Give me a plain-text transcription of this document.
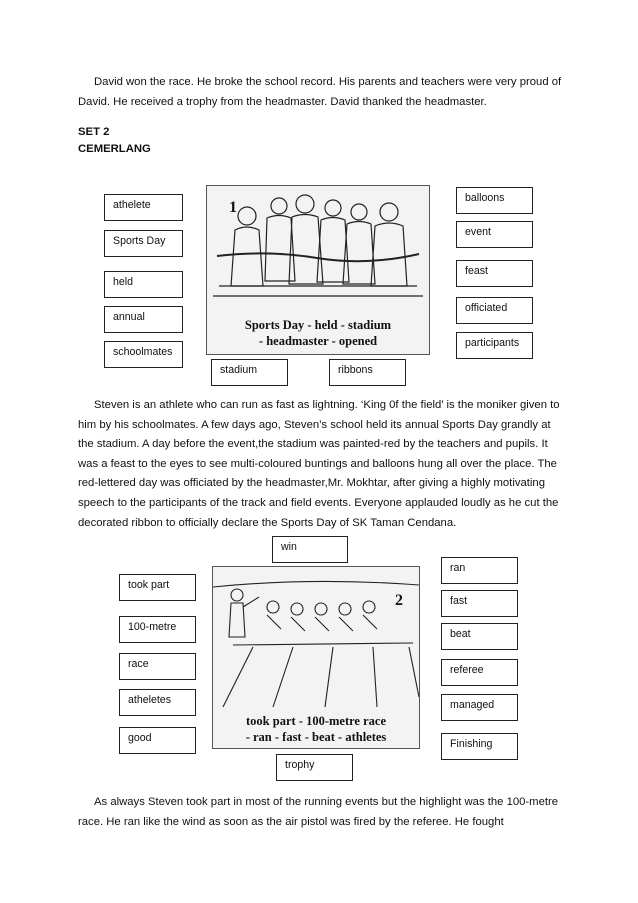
David won the race. He broke the school record. His parents and teachers were very proud of David. He received a trophy from the headmaster. David thanked the headmaster.

SET 2
CEMERLANG
1
Sports Day - held - stadium
- headmaster - opened
athelete
Sports Day
held
annual
schoolmates
balloons
event
feast
officiated
participants
stadium	ribbons

Steven is an athlete who can run as fast as lightning. ‘King 0f the field’ is the moniker given to him by his schoolmates. A few days ago, Steven’s school held its annual Sports Day grandly at the stadium. A day before the event,the stadium was painted-red by the teachers and pupils. It was a feast to the eyes to see multi-coloured buntings and balloons hung all over the place. The red-lettered day was officiated by the headmaster,Mr. Mokhtar, after giving a highly motivating speech to the participants of the track and field events. Everyone applauded loudly as he cut the decorated ribbon to officially declare the Sports Day of SK Taman Cendana.

2
took part - 100-metre race
- ran - fast - beat - athletes
win
took part
100-metre
race
atheletes
good
ran
fast
beat
referee
managed
Finishing
trophy

As always Steven took part in most of the running events but the highlight was the 100-metre race. He ran like the wind as soon as the air pistol was fired by the referee. He fought
